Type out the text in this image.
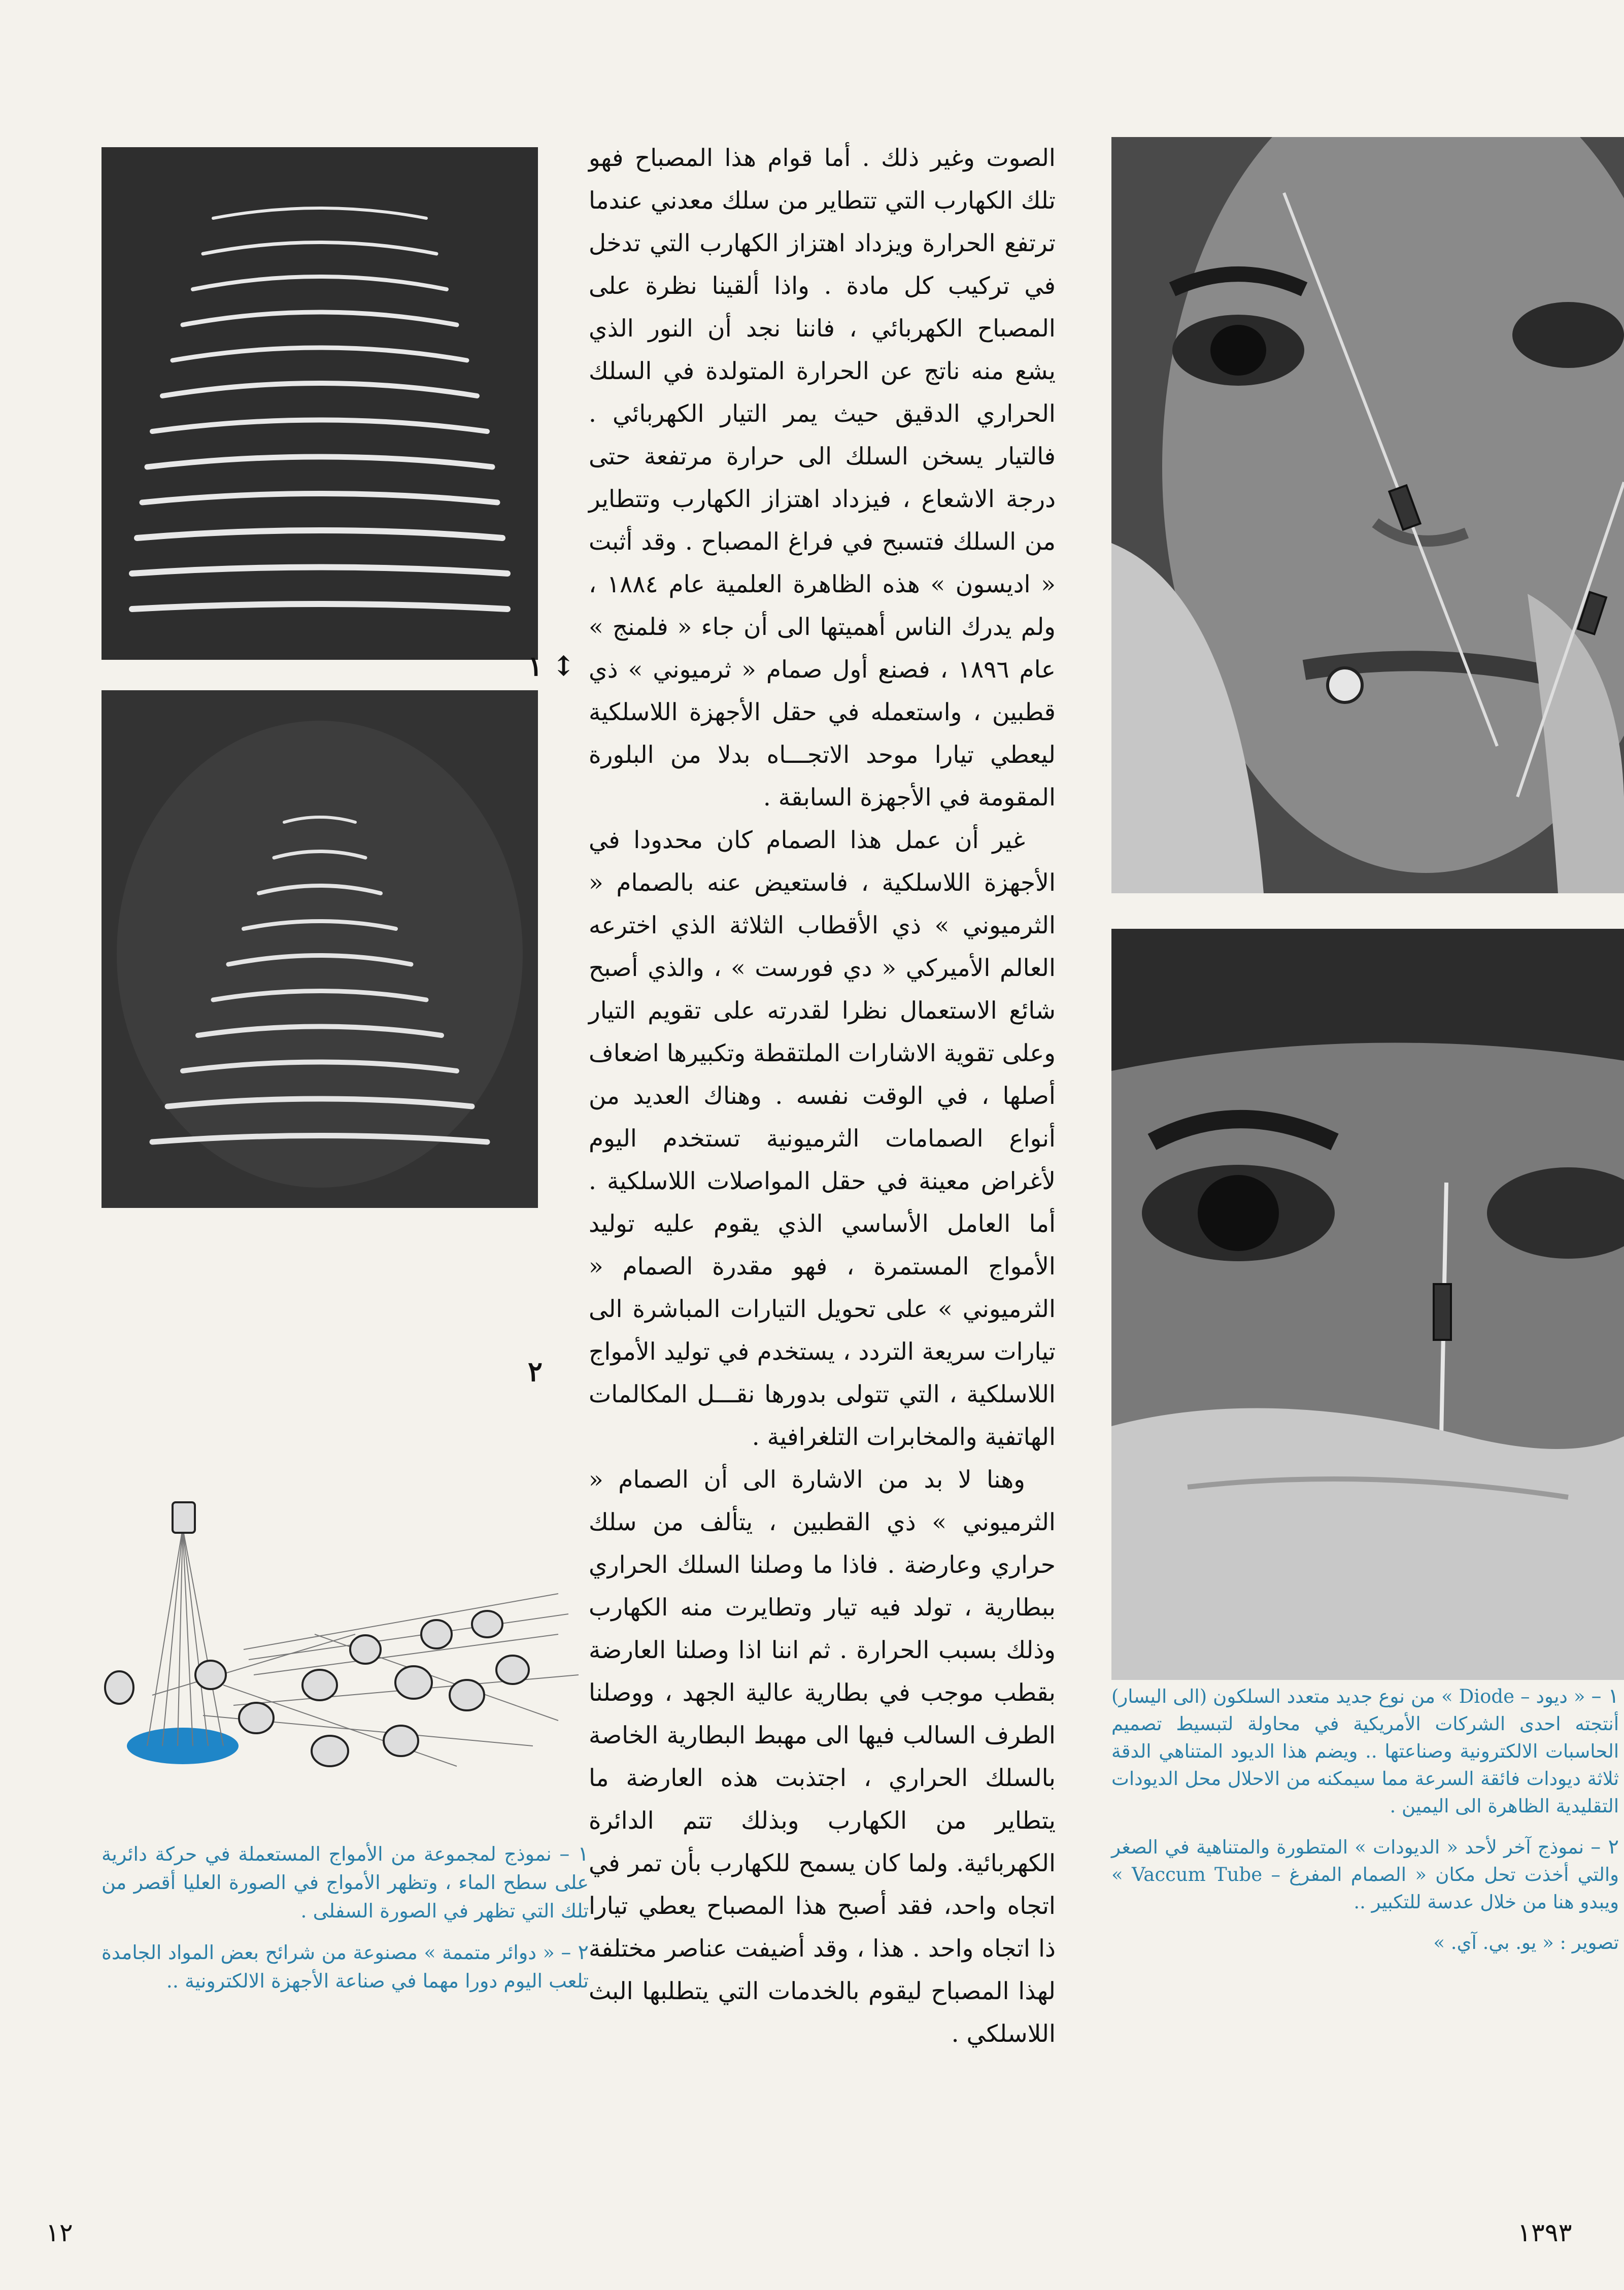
١ ↕
٢
١ – نموذج لمجموعة من الأمواج المستعملة في حركة دائرية على سطح الماء ، وتظهر الأمواج في الصورة العليا أقصر من تلك التي تظهر في الصورة السفلى .
٢ – « دوائر متممة » مصنوعة من شرائح بعض المواد الجامدة تلعب اليوم دورا مهما في صناعة الأجهزة الالكترونية ..

الصوت وغير ذلك . أما قوام هذا المصباح فهو تلك الكهارب التي تتطاير من سلك معدني عندما ترتفع الحرارة ويزداد اهتزاز الكهارب التي تدخل في تركيب كل مادة . واذا ألقينا نظرة على المصباح الكهربائي ، فاننا نجد أن النور الذي يشع منه ناتج عن الحرارة المتولدة في السلك الحراري الدقيق حيث يمر التيار الكهربائي . فالتيار يسخن السلك الى حرارة مرتفعة حتى درجة الاشعاع ، فيزداد اهتزاز الكهارب وتتطاير من السلك فتسبح في فراغ المصباح . وقد أثبت « اديسون » هذه الظاهرة العلمية عام ١٨٨٤ ، ولم يدرك الناس أهميتها الى أن جاء « فلمنج » عام ١٨٩٦ ، فصنع أول صمام « ثرميوني » ذي قطبين ، واستعمله في حقل الأجهزة اللاسلكية ليعطي تيارا موحد الاتجـــاه بدلا من البلورة المقومة في الأجهزة السابقة .

غير أن عمل هذا الصمام كان محدودا في الأجهزة اللاسلكية ، فاستعيض عنه بالصمام « الثرميوني » ذي الأقطاب الثلاثة الذي اخترعه العالم الأميركي « دي فورست » ، والذي أصبح شائع الاستعمال نظرا لقدرته على تقويم التيار وعلى تقوية الاشارات الملتقطة وتكبيرها اضعاف أصلها ، في الوقت نفسه . وهناك العديد من أنواع الصمامات الثرميونية تستخدم اليوم لأغراض معينة في حقل المواصلات اللاسلكية . أما العامل الأساسي الذي يقوم عليه توليد الأمواج المستمرة ، فهو مقدرة الصمام « الثرميوني » على تحويل التيارات المباشرة الى تيارات سريعة التردد ، يستخدم في توليد الأمواج اللاسلكية ، التي تتولى بدورها نقـــل المكالمات الهاتفية والمخابرات التلغرافية .

وهنا لا بد من الاشارة الى أن الصمام « الثرميوني » ذي القطبين ، يتألف من سلك حراري وعارضة . فاذا ما وصلنا السلك الحراري ببطارية ، تولد فيه تيار وتطايرت منه الكهارب وذلك بسبب الحرارة . ثم اننا اذا وصلنا العارضة بقطب موجب في بطارية عالية الجهد ، ووصلنا الطرف السالب فيها الى مهبط البطارية الخاصة بالسلك الحراري ، اجتذبت هذه العارضة ما يتطاير من الكهارب وبذلك تتم الدائرة الكهربائية. ولما كان يسمح للكهارب بأن تمر في اتجاه واحد، فقد أصبح هذا المصباح يعطي تيارا ذا اتجاه واحد . هذا ، وقد أضيفت عناصر مختلفة لهذا المصباح ليقوم بالخدمات التي يتطلبها البث اللاسلكي .

١ – « ديود – Diode » من نوع جديد متعدد السلكون (الى اليسار) أنتجته احدى الشركات الأمريكية في محاولة لتبسيط تصميم الحاسبات الالكترونية وصناعتها .. ويضم هذا الديود المتناهي الدقة ثلاثة ديودات فائقة السرعة مما سيمكنه من الاحلال محل الديودات التقليدية الظاهرة الى اليمين .
٢ – نموذج آخر لأحد « الديودات » المتطورة والمتناهية في الصغر والتي أخذت تحل مكان « الصمام المفرغ – Vaccum Tube » ويبدو هنا من خلال عدسة للتكبير ..
تصوير : « يو. بي. آي. »
١٢	١٣٩٣
